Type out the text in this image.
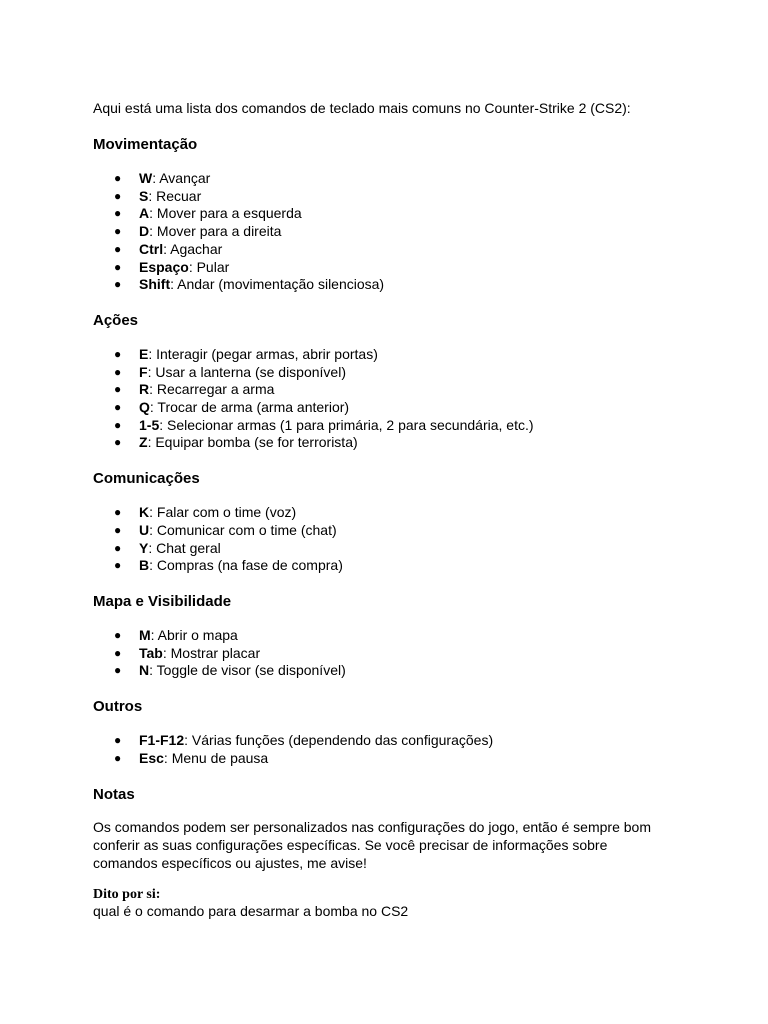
Aqui está uma lista dos comandos de teclado mais comuns no Counter-Strike 2 (CS2):

Movimentação
● W: Avançar
● S: Recuar
● A: Mover para a esquerda
● D: Mover para a direita
● Ctrl: Agachar
● Espaço: Pular
● Shift: Andar (movimentação silenciosa)
Ações
● E: Interagir (pegar armas, abrir portas)
● F: Usar a lanterna (se disponível)
● R: Recarregar a arma
● Q: Trocar de arma (arma anterior)
● 1-5: Selecionar armas (1 para primária, 2 para secundária, etc.)
● Z: Equipar bomba (se for terrorista)
Comunicações
● K: Falar com o time (voz)
● U: Comunicar com o time (chat)
● Y: Chat geral
● B: Compras (na fase de compra)
Mapa e Visibilidade
● M: Abrir o mapa
● Tab: Mostrar placar
● N: Toggle de visor (se disponível)
Outros
● F1-F12: Várias funções (dependendo das configurações)
● Esc: Menu de pausa
Notas

Os comandos podem ser personalizados nas configurações do jogo, então é sempre bom
conferir as suas configurações específicas. Se você precisar de informações sobre
comandos específicos ou ajustes, me avise!

Dito por si:

qual é o comando para desarmar a bomba no CS2
